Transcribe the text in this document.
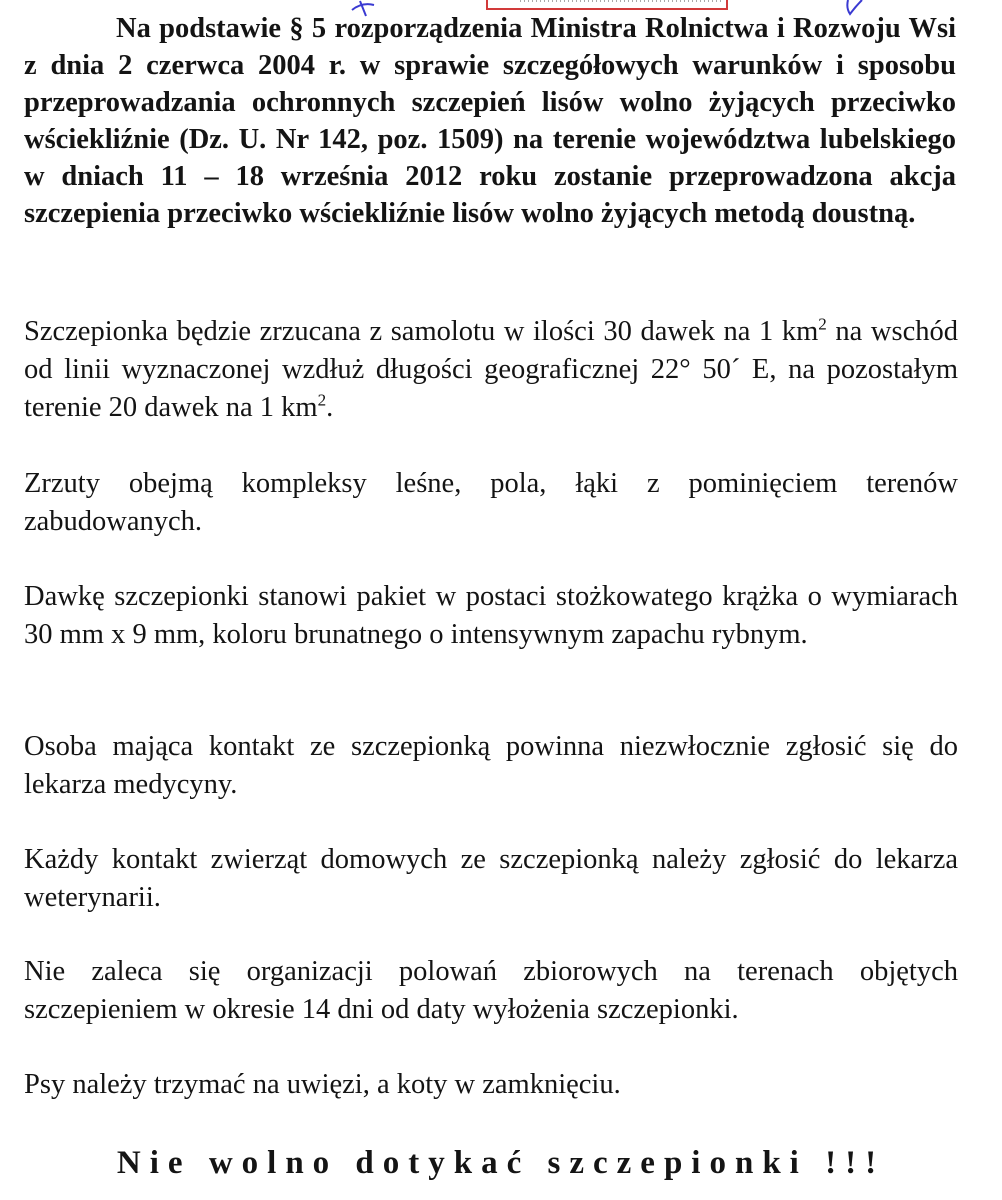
Na podstawie § 5 rozporządzenia Ministra Rolnictwa i Rozwoju Wsi z dnia 2 czerwca 2004 r. w sprawie szczegółowych warunków i sposobu przeprowadzania ochronnych szczepień lisów wolno żyjących przeciwko wściekliźnie (Dz. U. Nr 142, poz. 1509) na terenie województwa lubelskiego w dniach 11 – 18 września 2012 roku zostanie przeprowadzona akcja szczepienia przeciwko wściekliźnie lisów wolno żyjących metodą doustną.

Szczepionka będzie zrzucana z samolotu w ilości 30 dawek na 1 $km^2$ na wschód od linii wyznaczonej wzdłuż długości geograficznej 22° 50´ E, na pozostałym terenie 20 dawek na 1 $km^2$.

Zrzuty obejmą kompleksy leśne, pola, łąki z pominięciem terenów zabudowanych.

Dawkę szczepionki stanowi pakiet w postaci stożkowatego krążka o wymiarach 30 mm x 9 mm, koloru brunatnego o intensywnym zapachu rybnym.

Osoba mająca kontakt ze szczepionką powinna niezwłocznie zgłosić się do lekarza medycyny.

Każdy kontakt zwierząt domowych ze szczepionką należy zgłosić do lekarza weterynarii.

Nie zaleca się organizacji polowań zbiorowych na terenach objętych szczepieniem w okresie 14 dni od daty wyłożenia szczepionki.

Psy należy trzymać na uwięzi, a koty w zamknięciu.

Nie wolno dotykać szczepionki !!!
